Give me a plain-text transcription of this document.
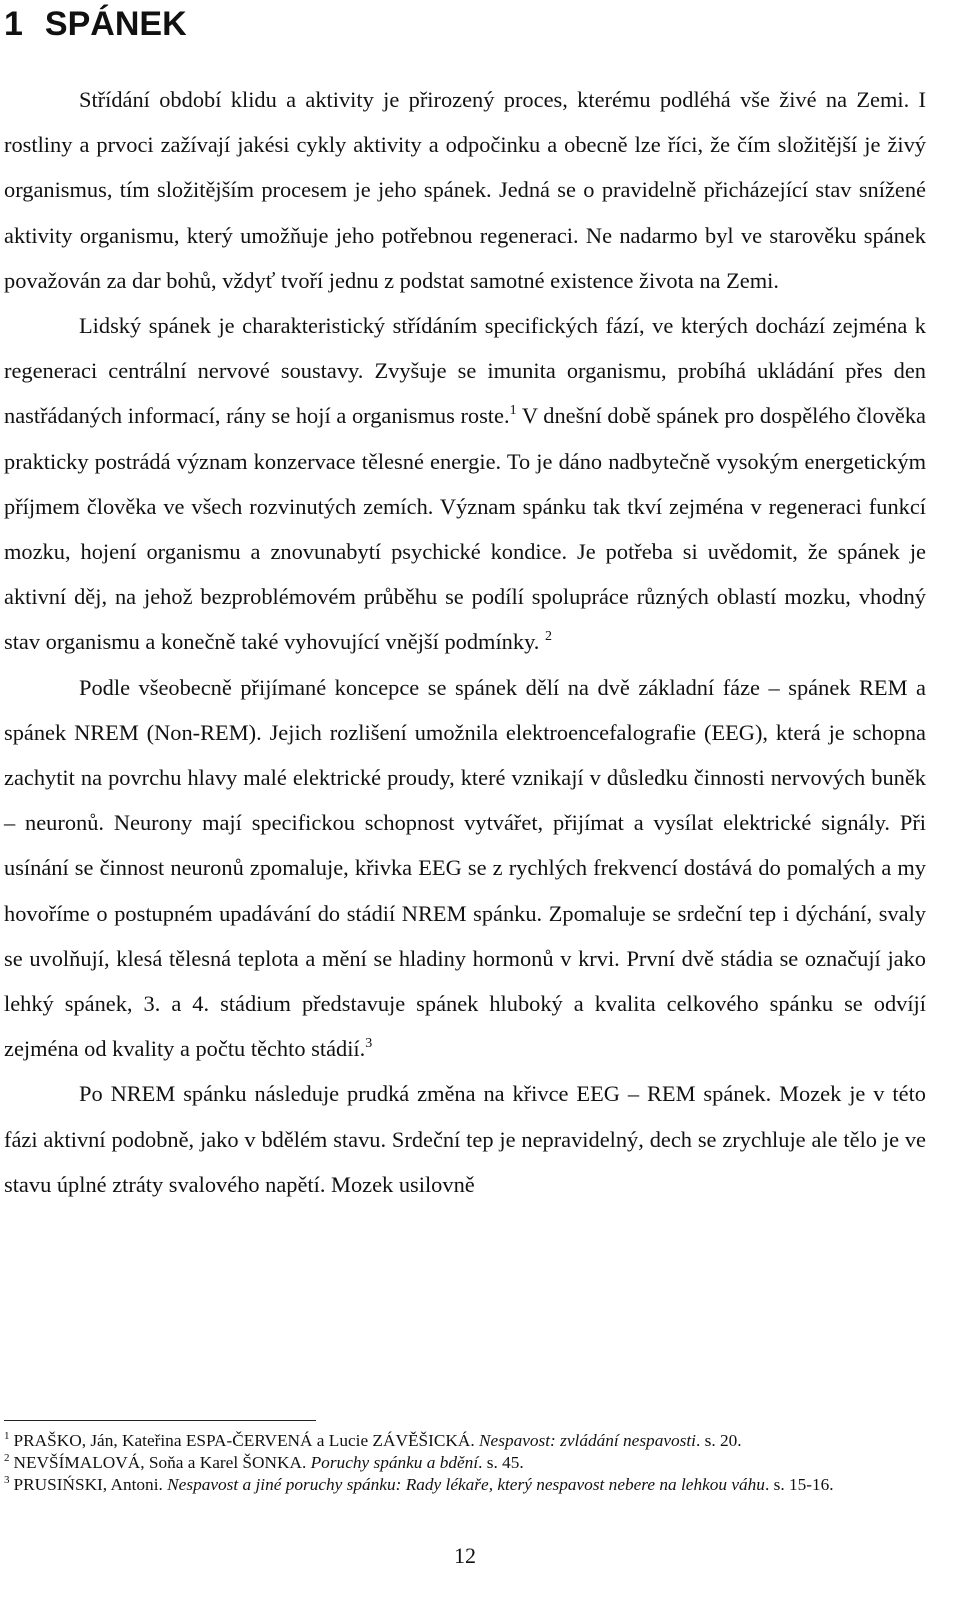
1 SPÁNEK

Střídání období klidu a aktivity je přirozený proces, kterému podléhá vše živé na Zemi. I rostliny a prvoci zažívají jakési cykly aktivity a odpočinku a obecně lze říci, že čím složitější je živý organismus, tím složitějším procesem je jeho spánek. Jedná se o pravidelně přicházející stav snížené aktivity organismu, který umožňuje jeho potřebnou regeneraci. Ne nadarmo byl ve starověku spánek považován za dar bohů, vždyť tvoří jednu z podstat samotné existence života na Zemi.

Lidský spánek je charakteristický střídáním specifických fází, ve kterých dochází zejména k regeneraci centrální nervové soustavy. Zvyšuje se imunita organismu, probíhá ukládání přes den nastřádaných informací, rány se hojí a organismus roste.$^1$ V dnešní době spánek pro dospělého člověka prakticky postrádá význam konzervace tělesné energie. To je dáno nadbytečně vysokým energetickým příjmem člověka ve všech rozvinutých zemích. Význam spánku tak tkví zejména v regeneraci funkcí mozku, hojení organismu a znovunabytí psychické kondice. Je potřeba si uvědomit, že spánek je aktivní děj, na jehož bezproblémovém průběhu se podílí spolupráce různých oblastí mozku, vhodný stav organismu a konečně také vyhovující vnější podmínky. $^2$

Podle všeobecně přijímané koncepce se spánek dělí na dvě základní fáze – spánek REM a spánek NREM (Non-REM). Jejich rozlišení umožnila elektroencefalografie (EEG), která je schopna zachytit na povrchu hlavy malé elektrické proudy, které vznikají v důsledku činnosti nervových buněk – neuronů. Neurony mají specifickou schopnost vytvářet, přijímat a vysílat elektrické signály. Při usínání se činnost neuronů zpomaluje, křivka EEG se z rychlých frekvencí dostává do pomalých a my hovoříme o postupném upadávání do stádií NREM spánku. Zpomaluje se srdeční tep i dýchání, svaly se uvolňují, klesá tělesná teplota a mění se hladiny hormonů v krvi. První dvě stádia se označují jako lehký spánek, 3. a 4. stádium představuje spánek hluboký a kvalita celkového spánku se odvíjí zejména od kvality a počtu těchto stádií.$^3$

Po NREM spánku následuje prudká změna na křivce EEG – REM spánek. Mozek je v této fázi aktivní podobně, jako v bdělém stavu. Srdeční tep je nepravidelný, dech se zrychluje ale tělo je ve stavu úplné ztráty svalového napětí. Mozek usilovně

$^1$ PRAŠKO, Ján, Kateřina ESPA-ČERVENÁ a Lucie ZÁVĚŠICKÁ. Nespavost: zvládání nespavosti. s. 20.

$^2$ NEVŠÍMALOVÁ, Soňa a Karel ŠONKA. Poruchy spánku a bdění. s. 45.

$^3$ PRUSIŃSKI, Antoni. Nespavost a jiné poruchy spánku: Rady lékaře, který nespavost nebere na lehkou váhu. s. 15-16.

12
